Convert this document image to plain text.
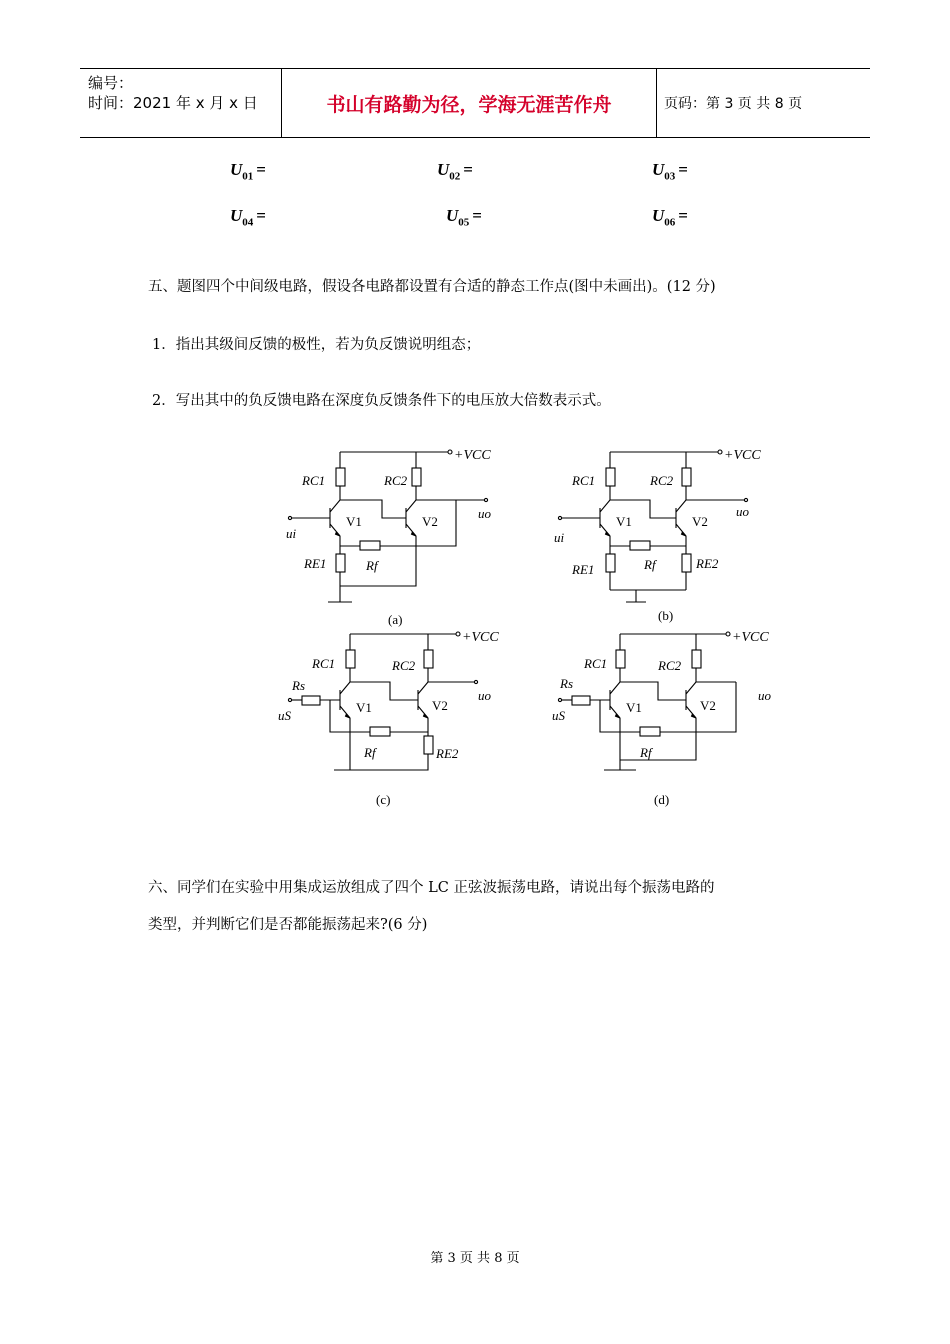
编号：
时间：2021 年 x 月 x 日	书山有路勤为径，学海无涯苦作舟	页码：第 3 页 共 8 页
$U_{01}$ =	$U_{02}$ =	$U_{03}$ =
$U_{04}$ =	$U_{05}$ =	$U_{06}$ =
五、题图四个中间级电路，假设各电路都设置有合适的静态工作点(图中未画出)。(12 分)
1．指出其级间反馈的极性，若为负反馈说明组态；
2．写出其中的负反馈电路在深度负反馈条件下的电压放大倍数表示式。
+VCC
RC1	RC2
V1
ui
V2
uo
RE1	Rf
(a)
+VCC
RC1	RC2
V1
ui
V2
uo
RE1	RE2
Rf
(b)
+VCC
RC1	RC2
Rs
uS
V1	V2
uo
Rf	RE2
(c)
+VCC
RC1	RC2
Rs
uS
V1	V2
uo
Rf
(d)
六、同学们在实验中用集成运放组成了四个 LC 正弦波振荡电路，请说出每个振荡电路的
类型，并判断它们是否都能振荡起来?(6 分)
第 3 页 共 8 页
